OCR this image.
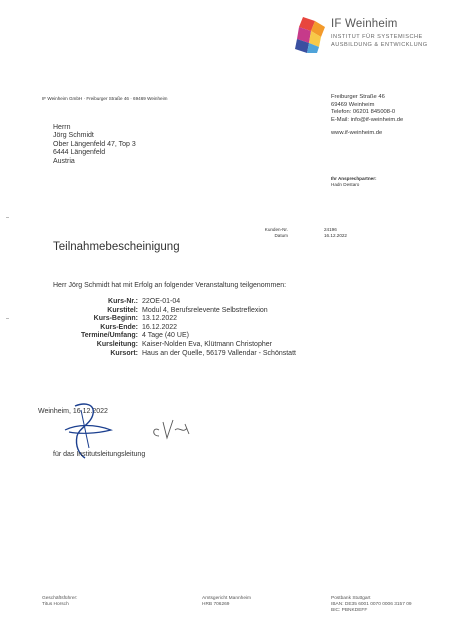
IF Weinheim
INSTITUT FÜR SYSTEMISCHE
AUSBILDUNG & ENTWICKLUNG
IF Weinheim GmbH · Freiburger Straße 46 · 69469 Weinheim	Freiburger Straße 46
69469 Weinheim
Telefon: 06201 845008-0
E-Mail: info@if-weinheim.de
www.if-weinheim.de
Herrn
Jörg Schmidt
Ober Längenfeld 47, Top 3
6444 Längenfeld
Austria
Ihr Ansprechpartner:
Hadn Destaro
Kunden-Nr.
Datum
24196
16.12.2022
Teilnahmebescheinigung
Herr Jörg Schmidt hat mit Erfolg an folgender Veranstaltung teilgenommen:
Kurs-Nr.: 22OE-01-04
Kurstitel: Modul 4, Berufsrelevente Selbstreflexion
Kurs-Beginn: 13.12.2022
Kurs-Ende: 16.12.2022
Termine/Umfang: 4 Tage (40 UE)
Kursleitung: Kaiser-Nolden Eva, Klütmann Christopher
Kursort: Haus an der Quelle, 56179 Vallendar - Schönstatt
Weinheim, 16.12.2022
für das Institutsleitungsleitung
Geschäftsführer:
Titus Horsch
Amtsgericht Mannheim
HRB 706269
Postbank Stuttgart
IBAN: DE35 6001 0070 0006 3157 09
BIC: PBNKDEFF
